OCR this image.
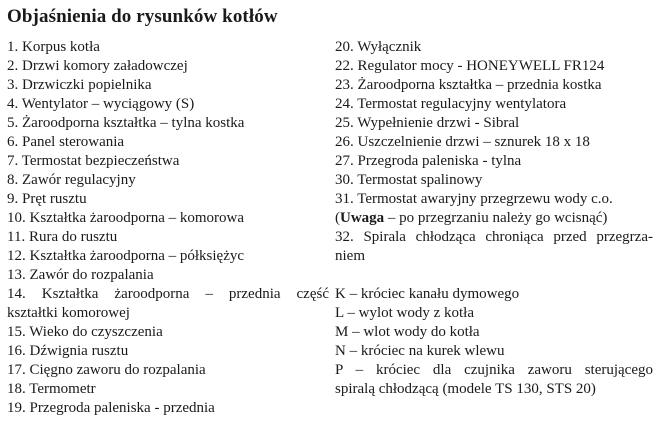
Objaśnienia do rysunków kotłów
1. Korpus kotła
2. Drzwi komory załadowczej
3. Drzwiczki popielnika
4. Wentylator – wyciągowy (S)
5. Żaroodporna kształtka – tylna kostka
6. Panel sterowania
7. Termostat bezpieczeństwa
8. Zawór regulacyjny
9. Pręt rusztu
10. Kształtka żaroodporna – komorowa
11. Rura do rusztu
12. Kształtka żaroodporna – półksiężyc
13. Zawór do rozpalania
14. Kształtka żaroodporna – przednia część
kształtki komorowej
15. Wieko do czyszczenia
16. Dźwignia rusztu
17. Cięgno zaworu do rozpalania
18. Termometr
19. Przegroda paleniska - przednia
20. Wyłącznik
22. Regulator mocy - HONEYWELL FR124
23. Żaroodporna kształtka – przednia kostka
24. Termostat regulacyjny wentylatora
25. Wypełnienie drzwi - Sibral
26. Uszczelnienie drzwi – sznurek 18 x 18
27. Przegroda paleniska - tylna
30. Termostat spalinowy
31. Termostat awaryjny przegrzewu wody c.o.
(Uwaga – po przegrzaniu należy go wcisnąć)
32. Spirala chłodząca chroniąca przed przegrza-
niem
K – króciec kanału dymowego
L – wylot wody z kotła
M – wlot wody do kotła
N – króciec na kurek wlewu
P – króciec dla czujnika zaworu sterującego
spiralą chłodzącą (modele TS 130, STS 20)
